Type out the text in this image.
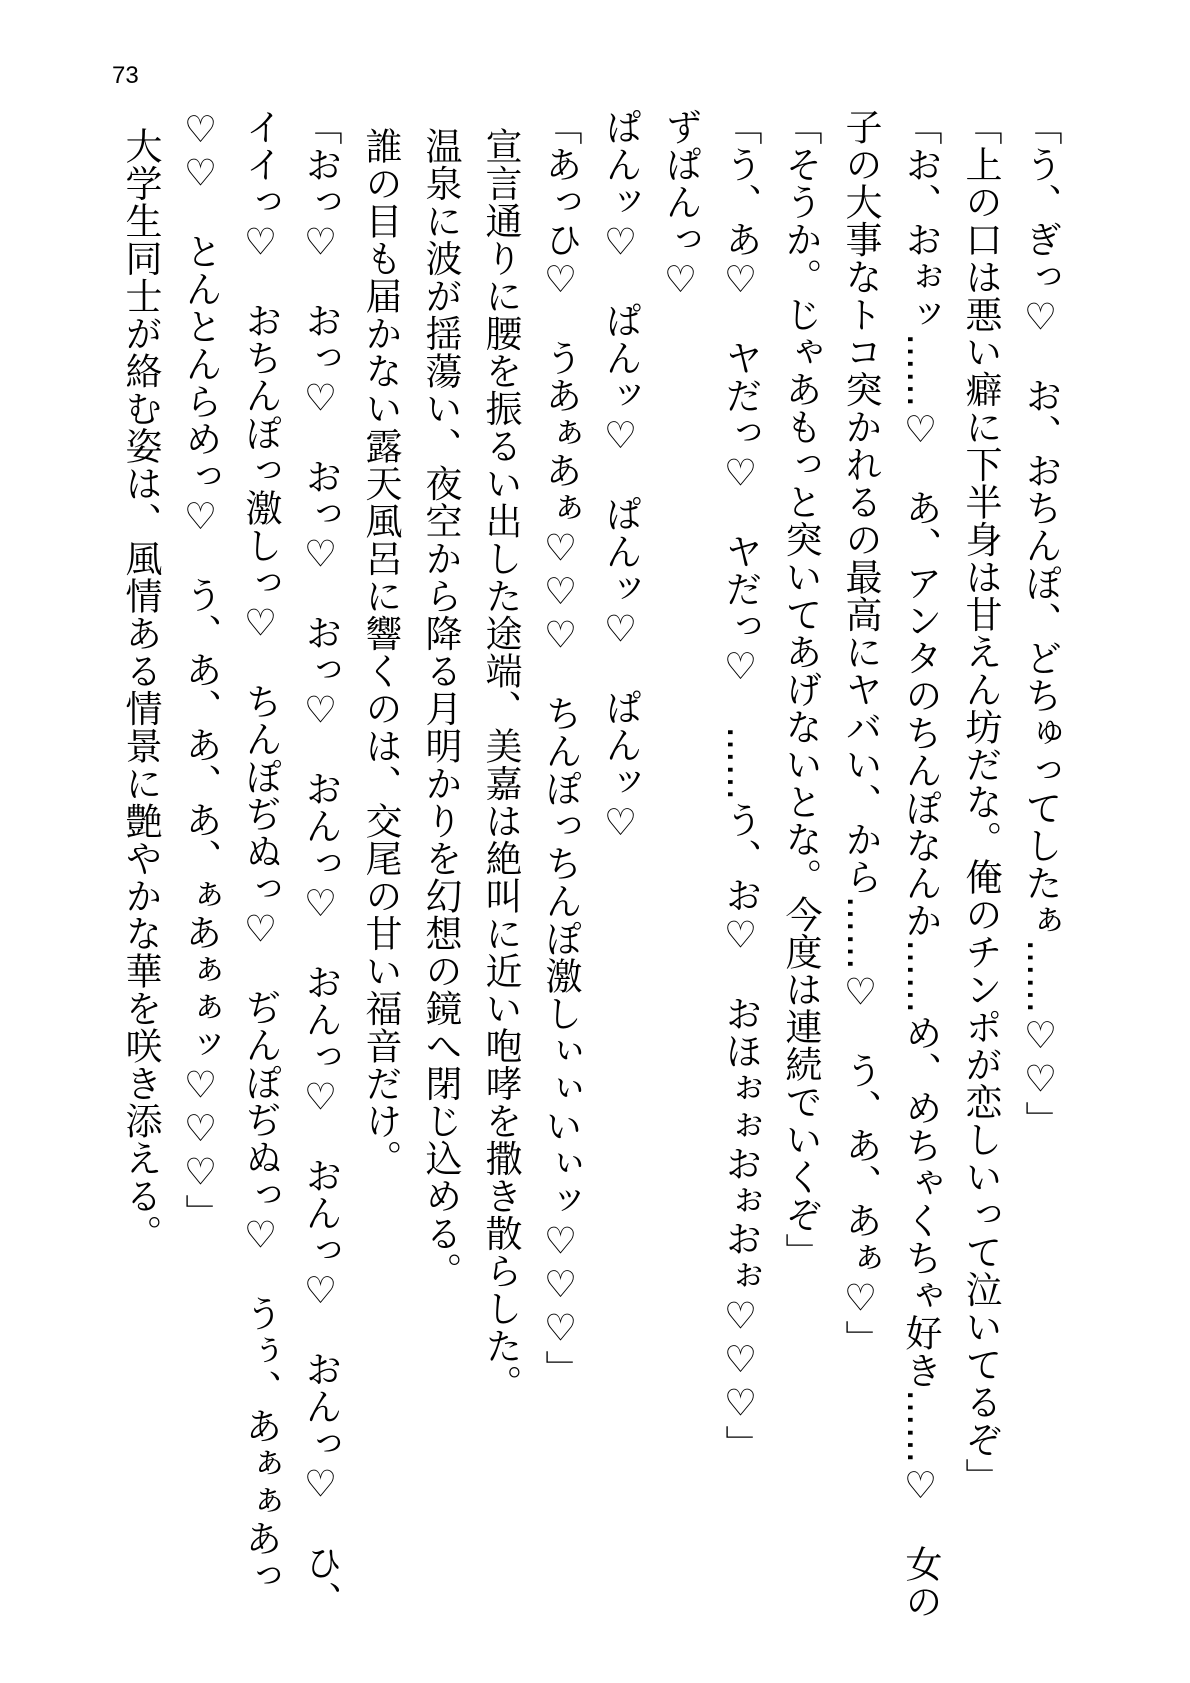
73

「う、ぎっ♡　お、おちんぽ、どちゅってしたぁ……♡♡」

「上の口は悪い癖に下半身は甘えん坊だな。俺のチンポが恋しいって泣いてるぞ」

「お、おぉッ……♡　あ、アンタのちんぽなんか……め、めちゃくちゃ好き……♡　女の子の大事なトコ突かれるの最高にヤバい、から……♡　う、あ、あぁ♡」

「そうか。じゃあもっと突いてあげないとな。今度は連続でいくぞ」

「う、あ♡　ヤだっ♡　ヤだっ♡　……う、お♡　おほぉぉおぉおぉ♡♡♡」

ずぱんっ♡

ぱんッ♡　ぱんッ♡　ぱんッ♡　ぱんッ♡

「あっひ♡　うあぁあぁ♡♡♡　ちんぽっちんぽ激しぃぃいぃッ♡♡♡」

宣言通りに腰を振るい出した途端、美嘉は絶叫に近い咆哮を撒き散らした。

温泉に波が揺蕩い、夜空から降る月明かりを幻想の鏡へ閉じ込める。

誰の目も届かない露天風呂に響くのは、交尾の甘い福音だけ。

「おっ♡　おっ♡　おっ♡　おっ♡　おんっ♡　おんっ♡　おんっ♡　おんっ♡　ひ、イイっ♡　おちんぽっ激しっ♡　ちんぽぢぬっ♡　ぢんぽぢぬっ♡　うぅ、あぁぁあっ♡♡　とんとんらめっ♡　う、あ、あ、あ、ぁあぁぁッ♡♡♡」

大学生同士が絡む姿は、風情ある情景に艶やかな華を咲き添える。
